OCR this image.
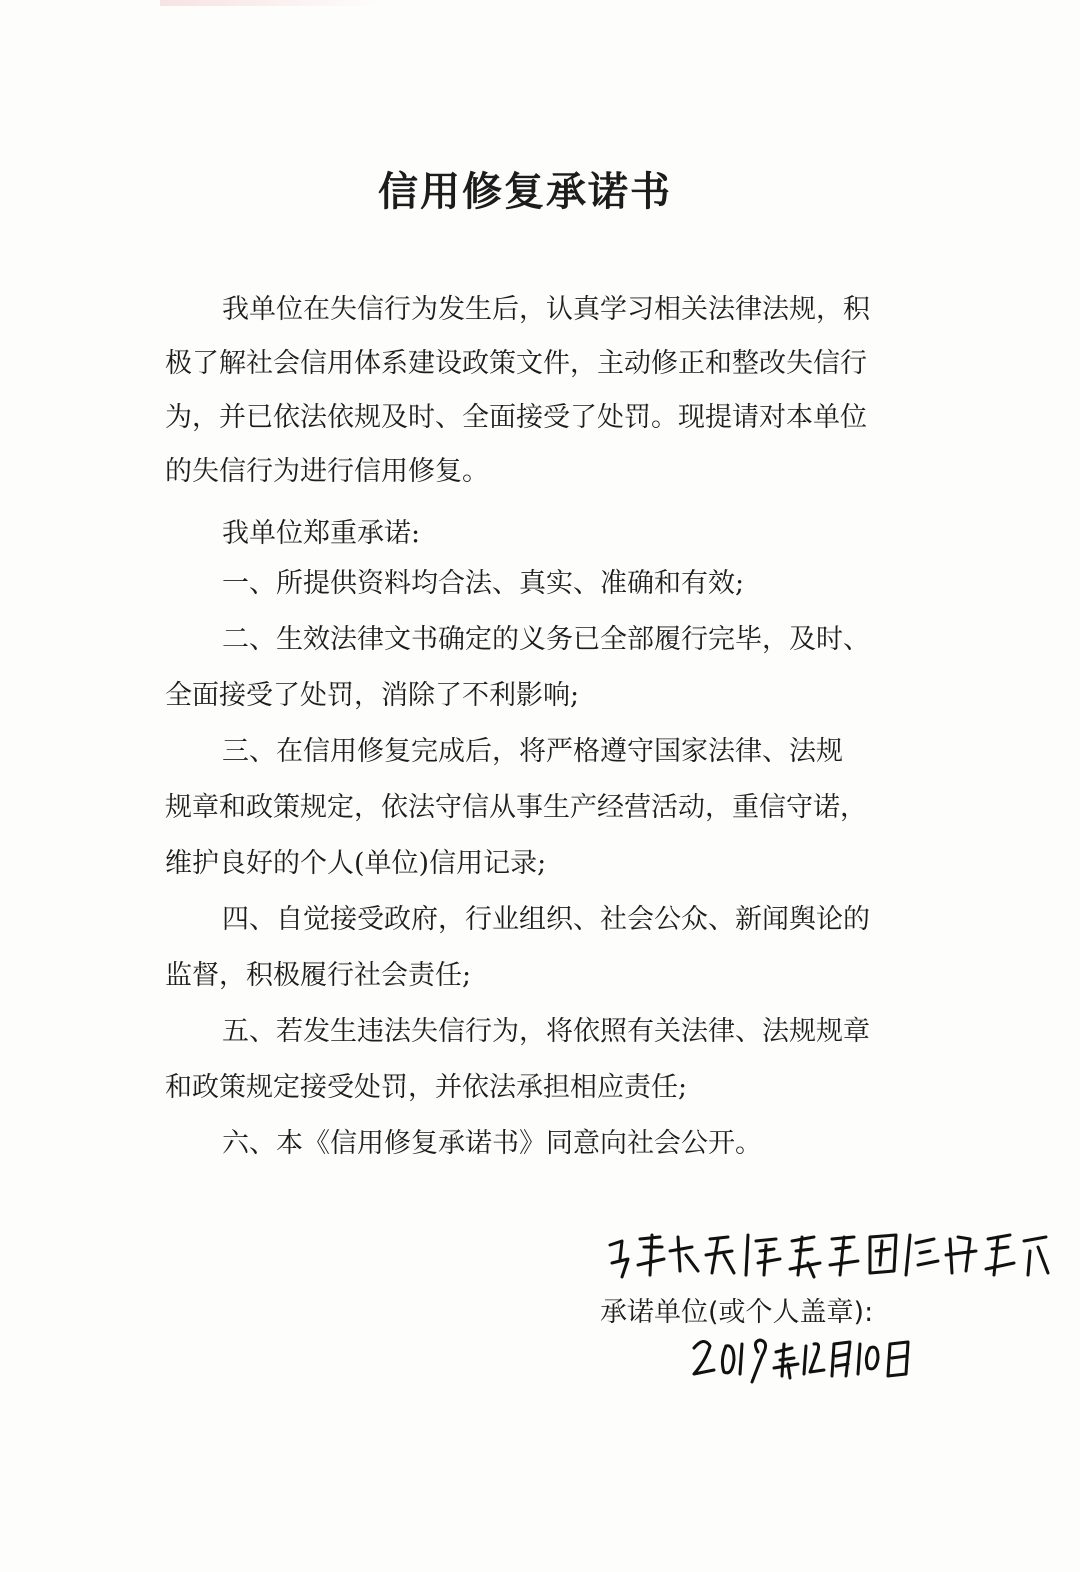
信用修复承诺书
我单位在失信行为发生后，认真学习相关法律法规，积
极了解社会信用体系建设政策文件，主动修正和整改失信行
为，并已依法依规及时、全面接受了处罚。现提请对本单位
的失信行为进行信用修复。
我单位郑重承诺:
一、所提供资料均合法、真实、准确和有效;
二、生效法律文书确定的义务已全部履行完毕，及时、
全面接受了处罚，消除了不利影响;
三、在信用修复完成后，将严格遵守国家法律、法规
规章和政策规定，依法守信从事生产经营活动，重信守诺，
维护良好的个人(单位)信用记录;
四、自觉接受政府，行业组织、社会公众、新闻舆论的
监督，积极履行社会责任;
五、若发生违法失信行为，将依照有关法律、法规规章
和政策规定接受处罚，并依法承担相应责任;
六、本《信用修复承诺书》同意向社会公开。
承诺单位(或个人盖章):
